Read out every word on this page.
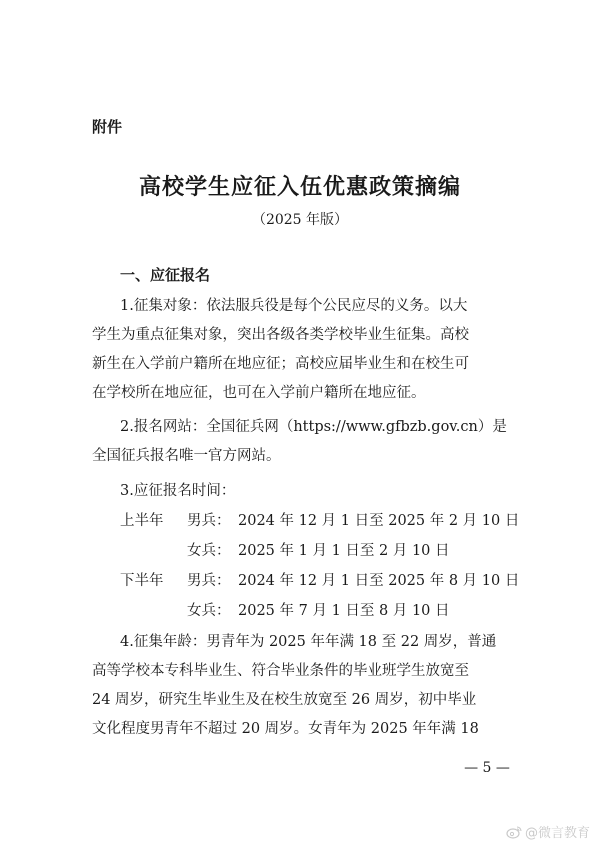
附件
高校学生应征入伍优惠政策摘编
（2025 年版）
一、应征报名
1.征集对象：依法服兵役是每个公民应尽的义务。以大
学生为重点征集对象，突出各级各类学校毕业生征集。高校
新生在入学前户籍所在地应征；高校应届毕业生和在校生可
在学校所在地应征，也可在入学前户籍所在地应征。
2.报名网站：全国征兵网（https://www.gfbzb.gov.cn）是
全国征兵报名唯一官方网站。
3.应征报名时间：
上半年 男兵： 2024 年 12 月 1 日至 2025 年 2 月 10 日
女兵： 2025 年 1 月 1 日至 2 月 10 日
下半年 男兵： 2024 年 12 月 1 日至 2025 年 8 月 10 日
女兵： 2025 年 7 月 1 日至 8 月 10 日
4.征集年龄：男青年为 2025 年年满 18 至 22 周岁，普通
高等学校本专科毕业生、符合毕业条件的毕业班学生放宽至
24 周岁，研究生毕业生及在校生放宽至 26 周岁，初中毕业
文化程度男青年不超过 20 周岁。女青年为 2025 年年满 18
— 5 —
@微言教育
